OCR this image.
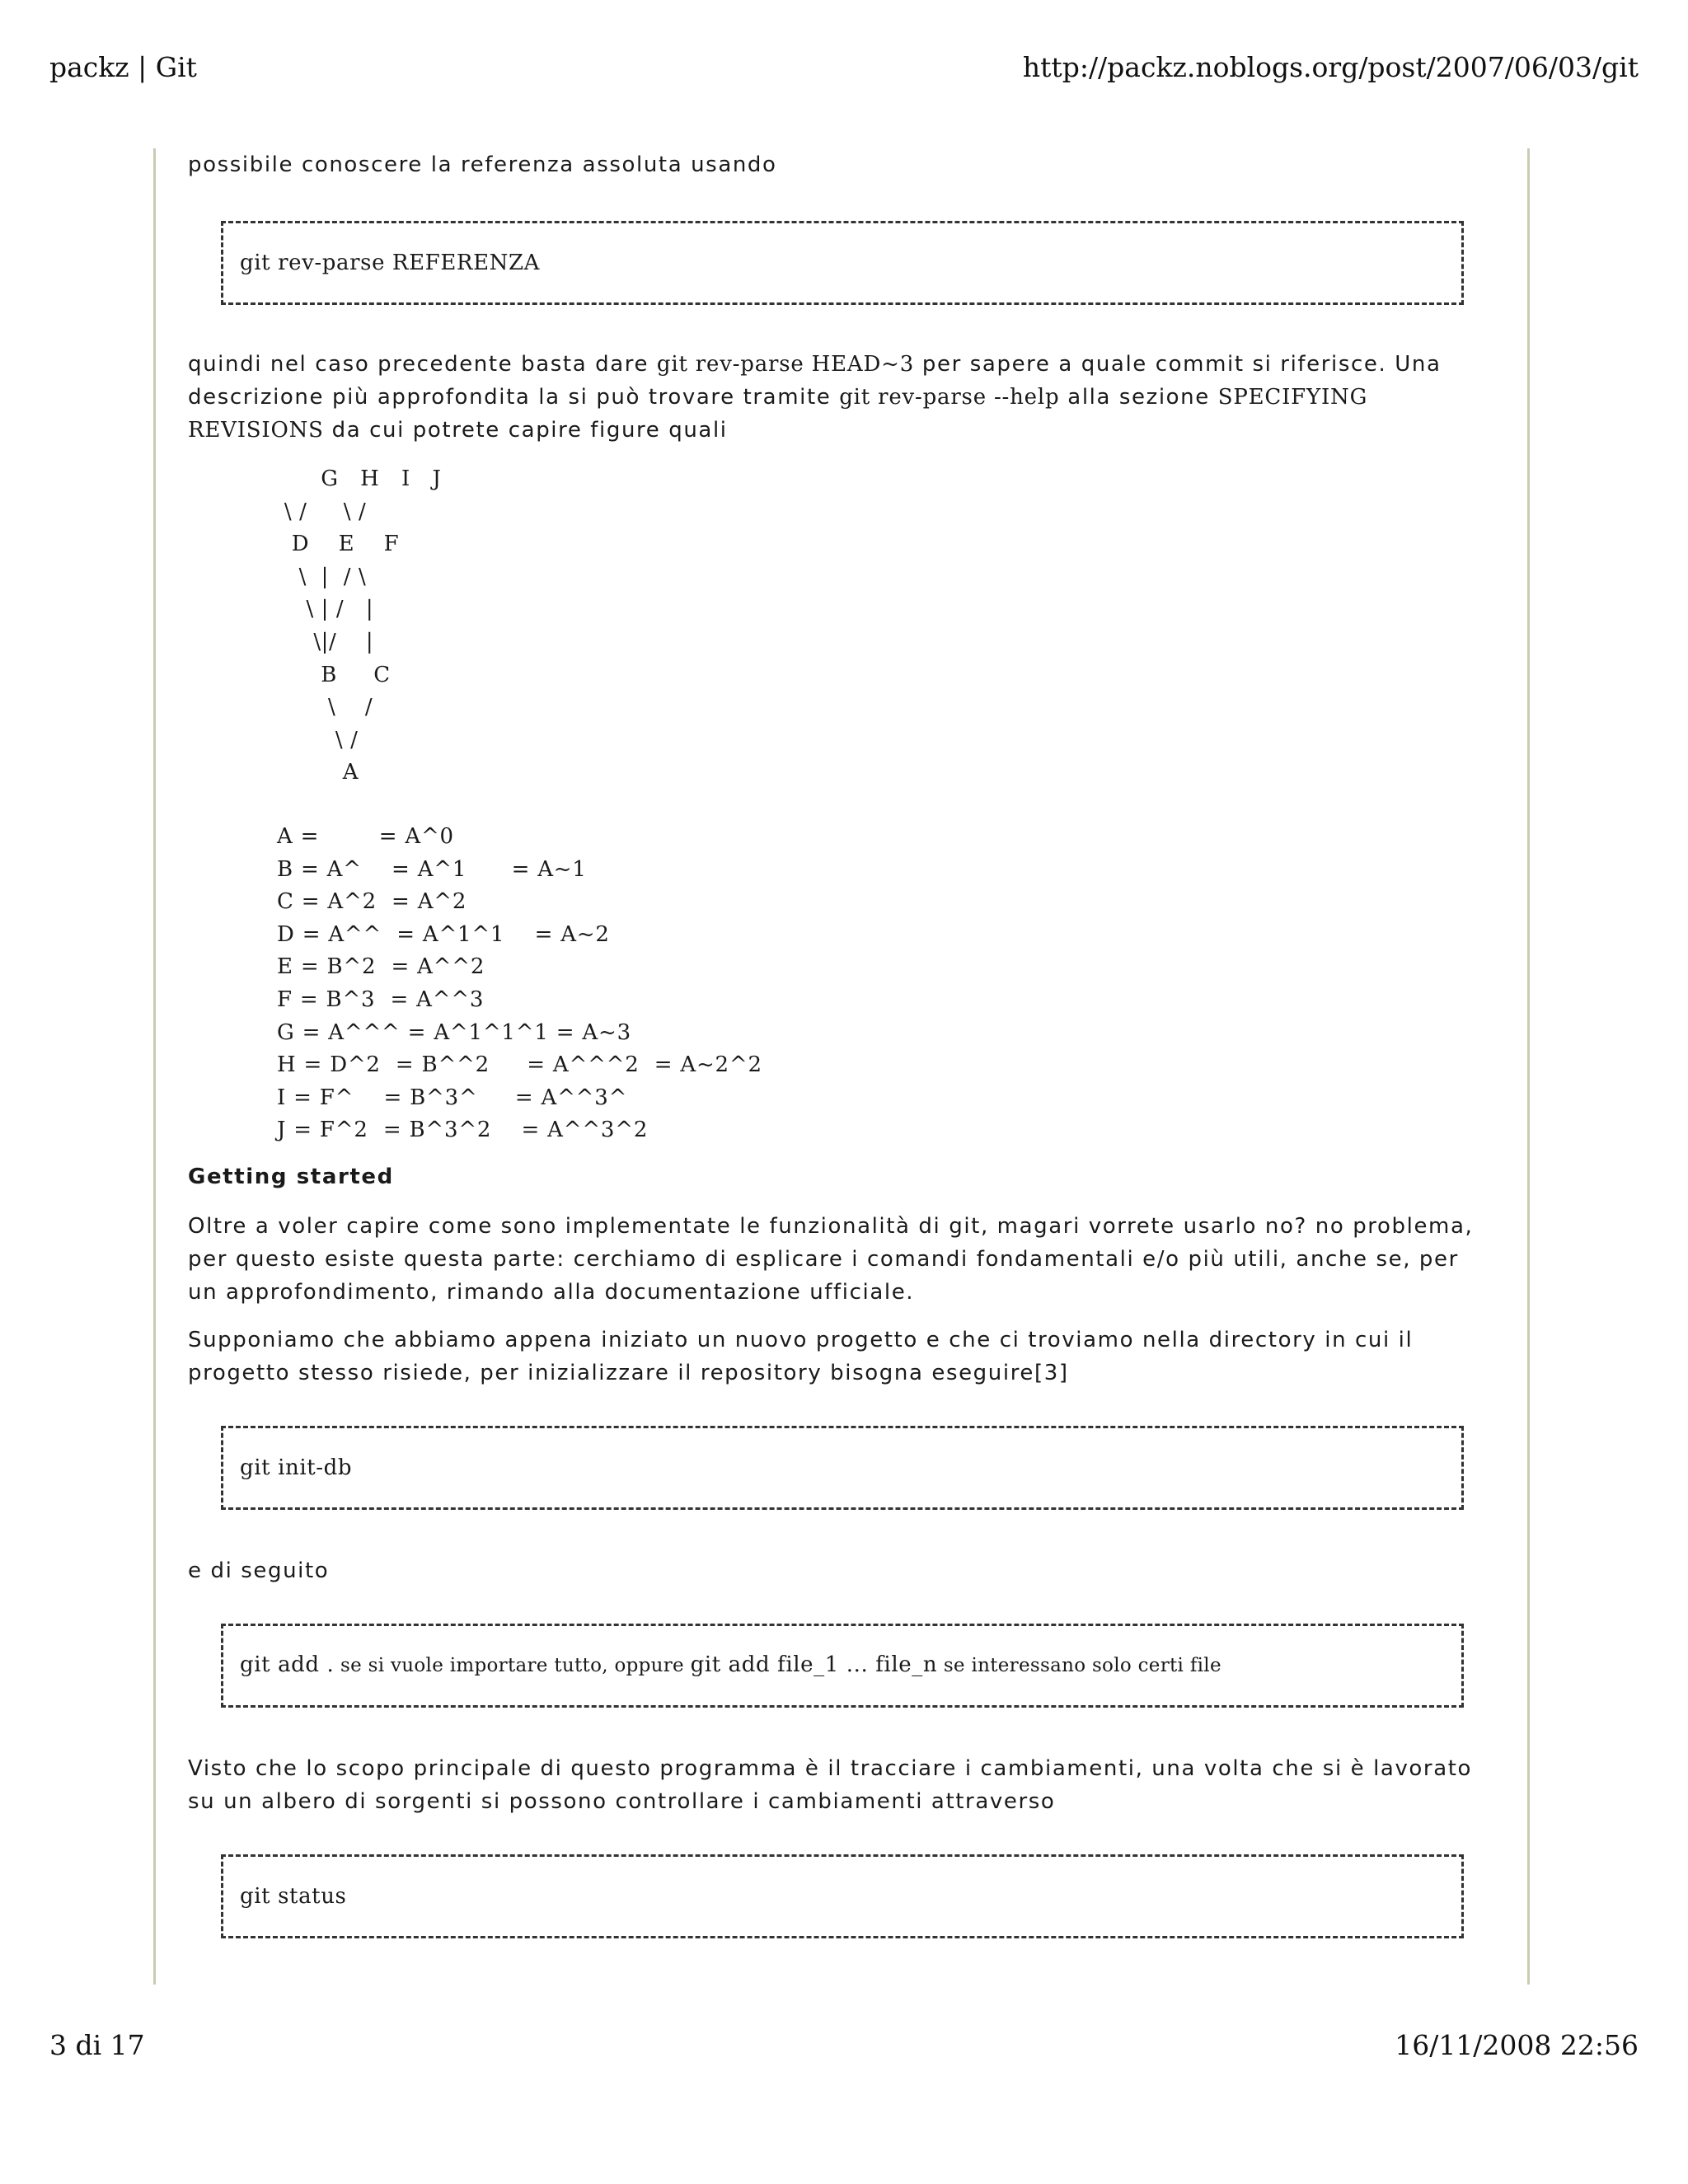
packz | Git	http://packz.noblogs.org/post/2007/06/03/git

possibile conoscere la referenza assoluta usando

git rev-parse REFERENZA

quindi nel caso precedente basta dare git rev-parse HEAD~3 per sapere a quale commit si riferisce. Una descrizione più approfondita la si può trovare tramite git rev-parse --help alla sezione SPECIFYING REVISIONS da cui potrete capire figure quali

G   H   I   J
\ /     \ /
D    E    F
\  |  / \
\ | /   |
\|/    |
B     C
\    /
\ /
A
A =        = A^0
B = A^    = A^1      = A~1
C = A^2  = A^2
D = A^^  = A^1^1    = A~2
E = B^2  = A^^2
F = B^3  = A^^3
G = A^^^ = A^1^1^1 = A~3
H = D^2  = B^^2     = A^^^2  = A~2^2
I = F^    = B^3^     = A^^3^
J = F^2  = B^3^2    = A^^3^2
Getting started

Oltre a voler capire come sono implementate le funzionalità di git, magari vorrete usarlo no? no problema, per questo esiste questa parte: cerchiamo di esplicare i comandi fondamentali e/o più utili, anche se, per un approfondimento, rimando alla documentazione ufficiale.

Supponiamo che abbiamo appena iniziato un nuovo progetto e che ci troviamo nella directory in cui il progetto stesso risiede, per inizializzare il repository bisogna eseguire[3]

git init-db

e di seguito

git add . se si vuole importare tutto, oppure git add file_1 ... file_n se interessano solo certi file

Visto che lo scopo principale di questo programma è il tracciare i cambiamenti, una volta che si è lavorato su un albero di sorgenti si possono controllare i cambiamenti attraverso

git status
3 di 17	16/11/2008 22:56
